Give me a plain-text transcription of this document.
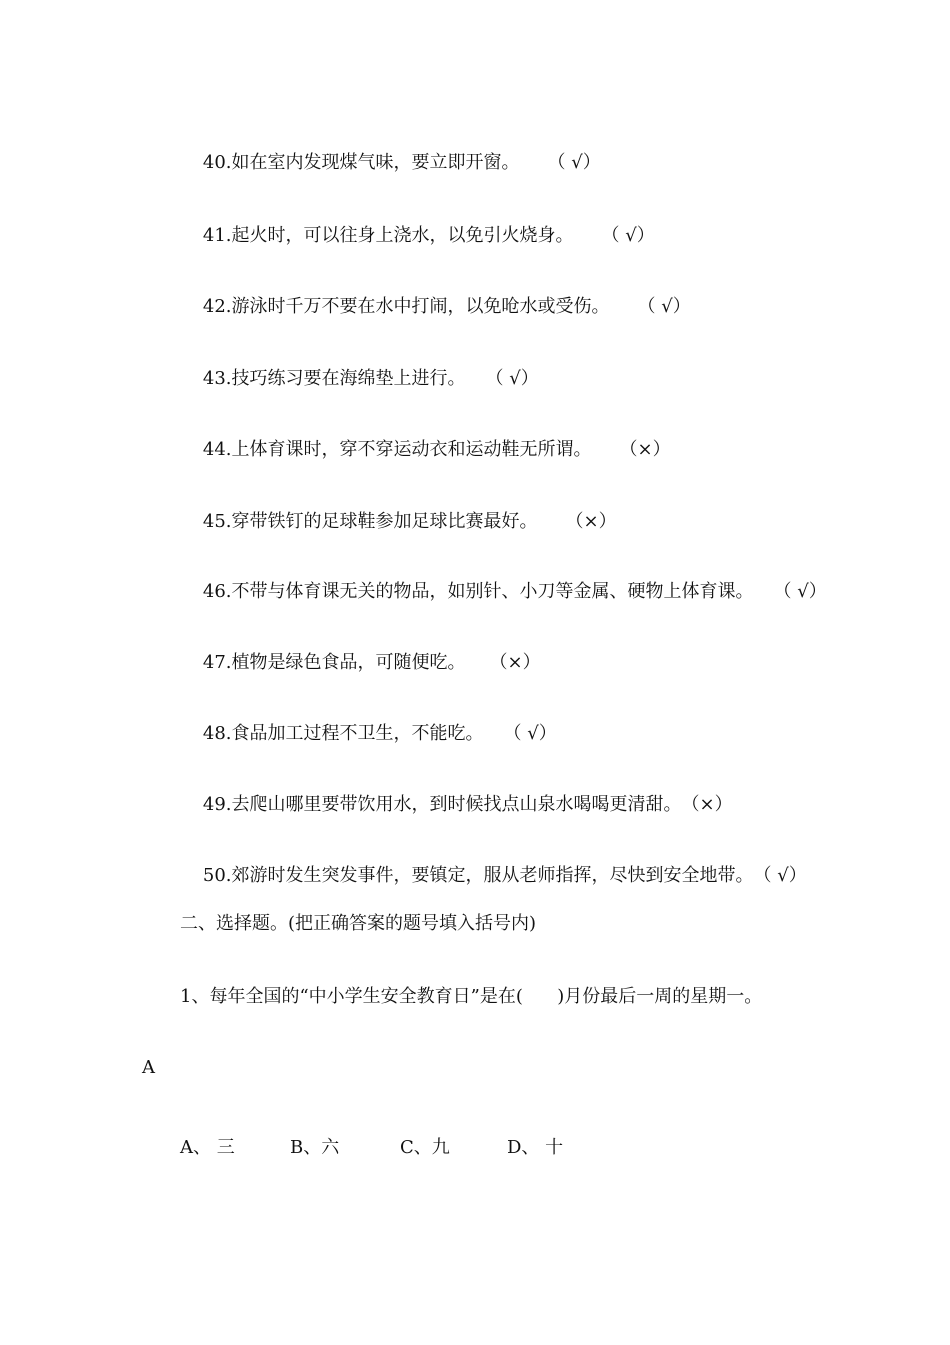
40.如在室内发现煤气味，要立即开窗。 （ √）

41.起火时，可以往身上浇水，以免引火烧身。 （ √）

42.游泳时千万不要在水中打闹，以免呛水或受伤。 （ √）

43.技巧练习要在海绵垫上进行。 （ √）

44.上体育课时，穿不穿运动衣和运动鞋无所谓。 （×）

45.穿带铁钉的足球鞋参加足球比赛最好。 （×）

46.不带与体育课无关的物品，如别针、小刀等金属、硬物上体育课。 （ √）

47.植物是绿色食品，可随便吃。 （×）

48.食品加工过程不卫生，不能吃。 （ √）

49.去爬山哪里要带饮用水，到时候找点山泉水喝喝更清甜。（×）

50.郊游时发生突发事件，要镇定，服从老师指挥，尽快到安全地带。（ √）

二、选择题。(把正确答案的题号填入括号内)
1、每年全国的“中小学生安全教育日”是在(      )月份最后一周的星期一。
A
A、 三	B、六	C、九	D、 十
